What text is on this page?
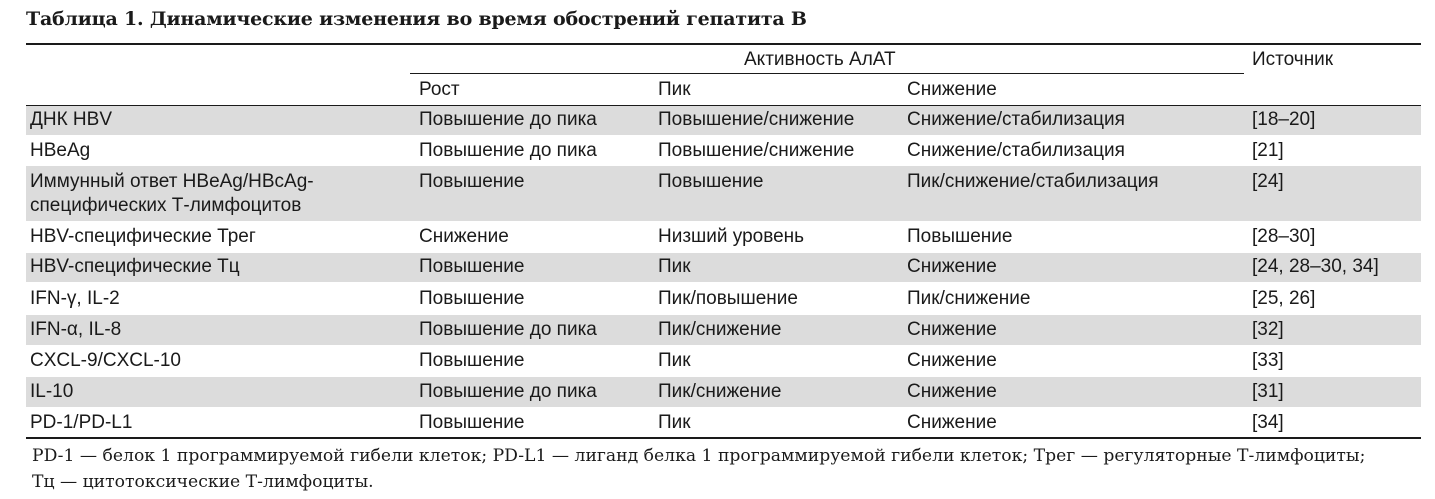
Таблица 1. Динамические изменения во время обострений гепатита B
Активность АлАТ	Источник
Рост	Пик	Снижение
ДНК HBV	Повышение до пика	Повышение/снижение	Снижение/стабилизация	[18–20]
HBeAg	Повышение до пика	Повышение/снижение	Снижение/стабилизация	[21]
Иммунный ответ HBeAg/HBcAg-
специфических Т-лимфоцитов
Повышение	Повышение	Пик/снижение/стабилизация	[24]
HBV-специфические Трег	Снижение	Низший уровень	Повышение	[28–30]
HBV-специфические Тц	Повышение	Пик	Снижение	[24, 28–30, 34]
IFN-γ, IL-2	Повышение	Пик/повышение	Пик/снижение	[25, 26]
IFN-α, IL-8	Повышение до пика	Пик/снижение	Снижение	[32]
CXCL-9/CXCL-10	Повышение	Пик	Снижение	[33]
IL-10	Повышение до пика	Пик/снижение	Снижение	[31]
PD-1/PD-L1	Повышение	Пик	Снижение	[34]
PD-1 — белок 1 программируемой гибели клеток; PD-L1 — лиганд белка 1 программируемой гибели клеток; Трег — регуляторные Т-лимфоциты; Тц — цитотоксические Т-лимфоциты.
